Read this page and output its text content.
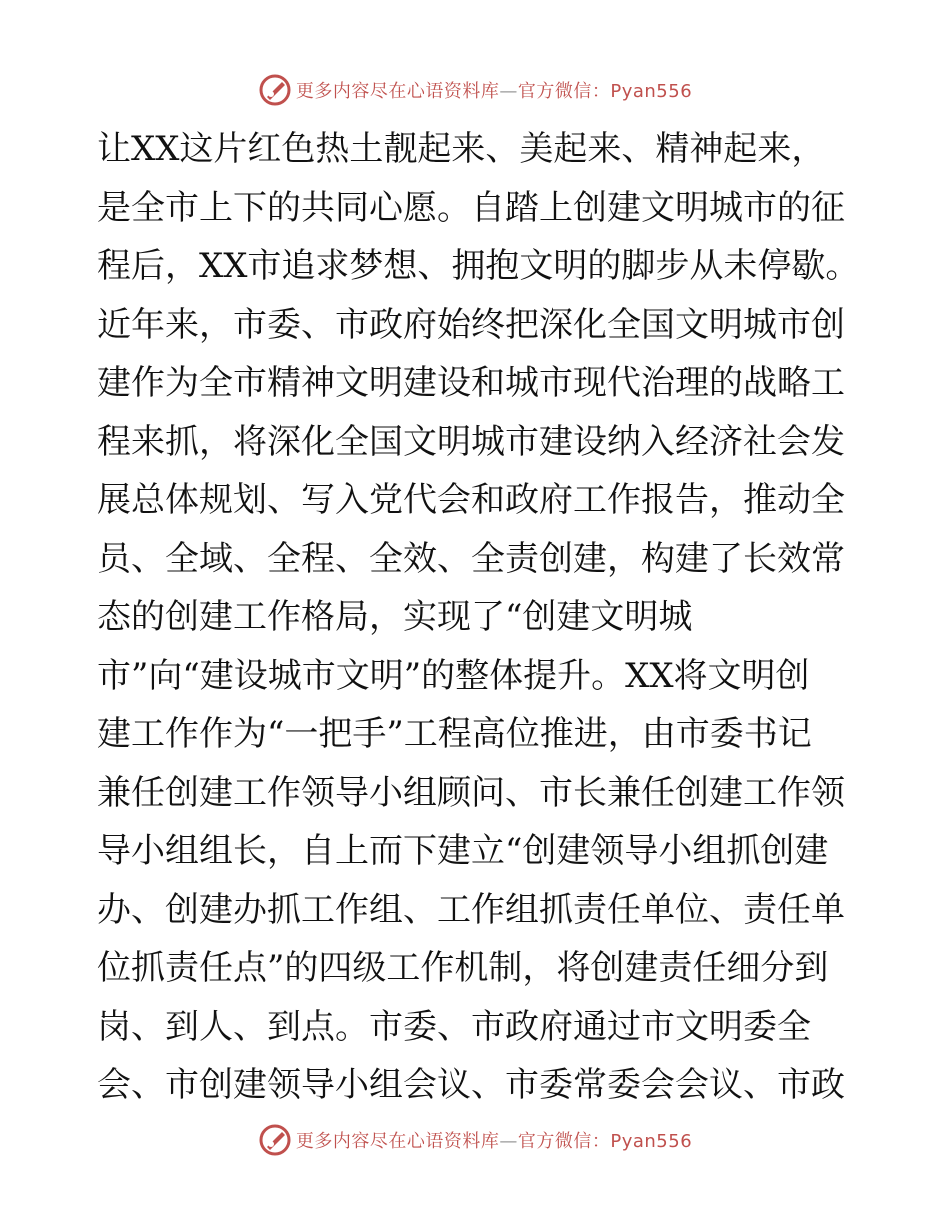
更多内容尽在心语资料库—官方微信：Pyan556
让XX这片红色热土靓起来、美起来、精神起来，
是全市上下的共同心愿。自踏上创建文明城市的征
程后，XX市追求梦想、拥抱文明的脚步从未停歇。
近年来，市委、市政府始终把深化全国文明城市创
建作为全市精神文明建设和城市现代治理的战略工
程来抓，将深化全国文明城市建设纳入经济社会发
展总体规划、写入党代会和政府工作报告，推动全
员、全域、全程、全效、全责创建，构建了长效常
态的创建工作格局，实现了“创建文明城
市”向“建设城市文明”的整体提升。XX将文明创
建工作作为“一把手”工程高位推进，由市委书记
兼任创建工作领导小组顾问、市长兼任创建工作领
导小组组长，自上而下建立“创建领导小组抓创建
办、创建办抓工作组、工作组抓责任单位、责任单
位抓责任点”的四级工作机制，将创建责任细分到
岗、到人、到点。市委、市政府通过市文明委全
会、市创建领导小组会议、市委常委会会议、市政
更多内容尽在心语资料库—官方微信：Pyan556
